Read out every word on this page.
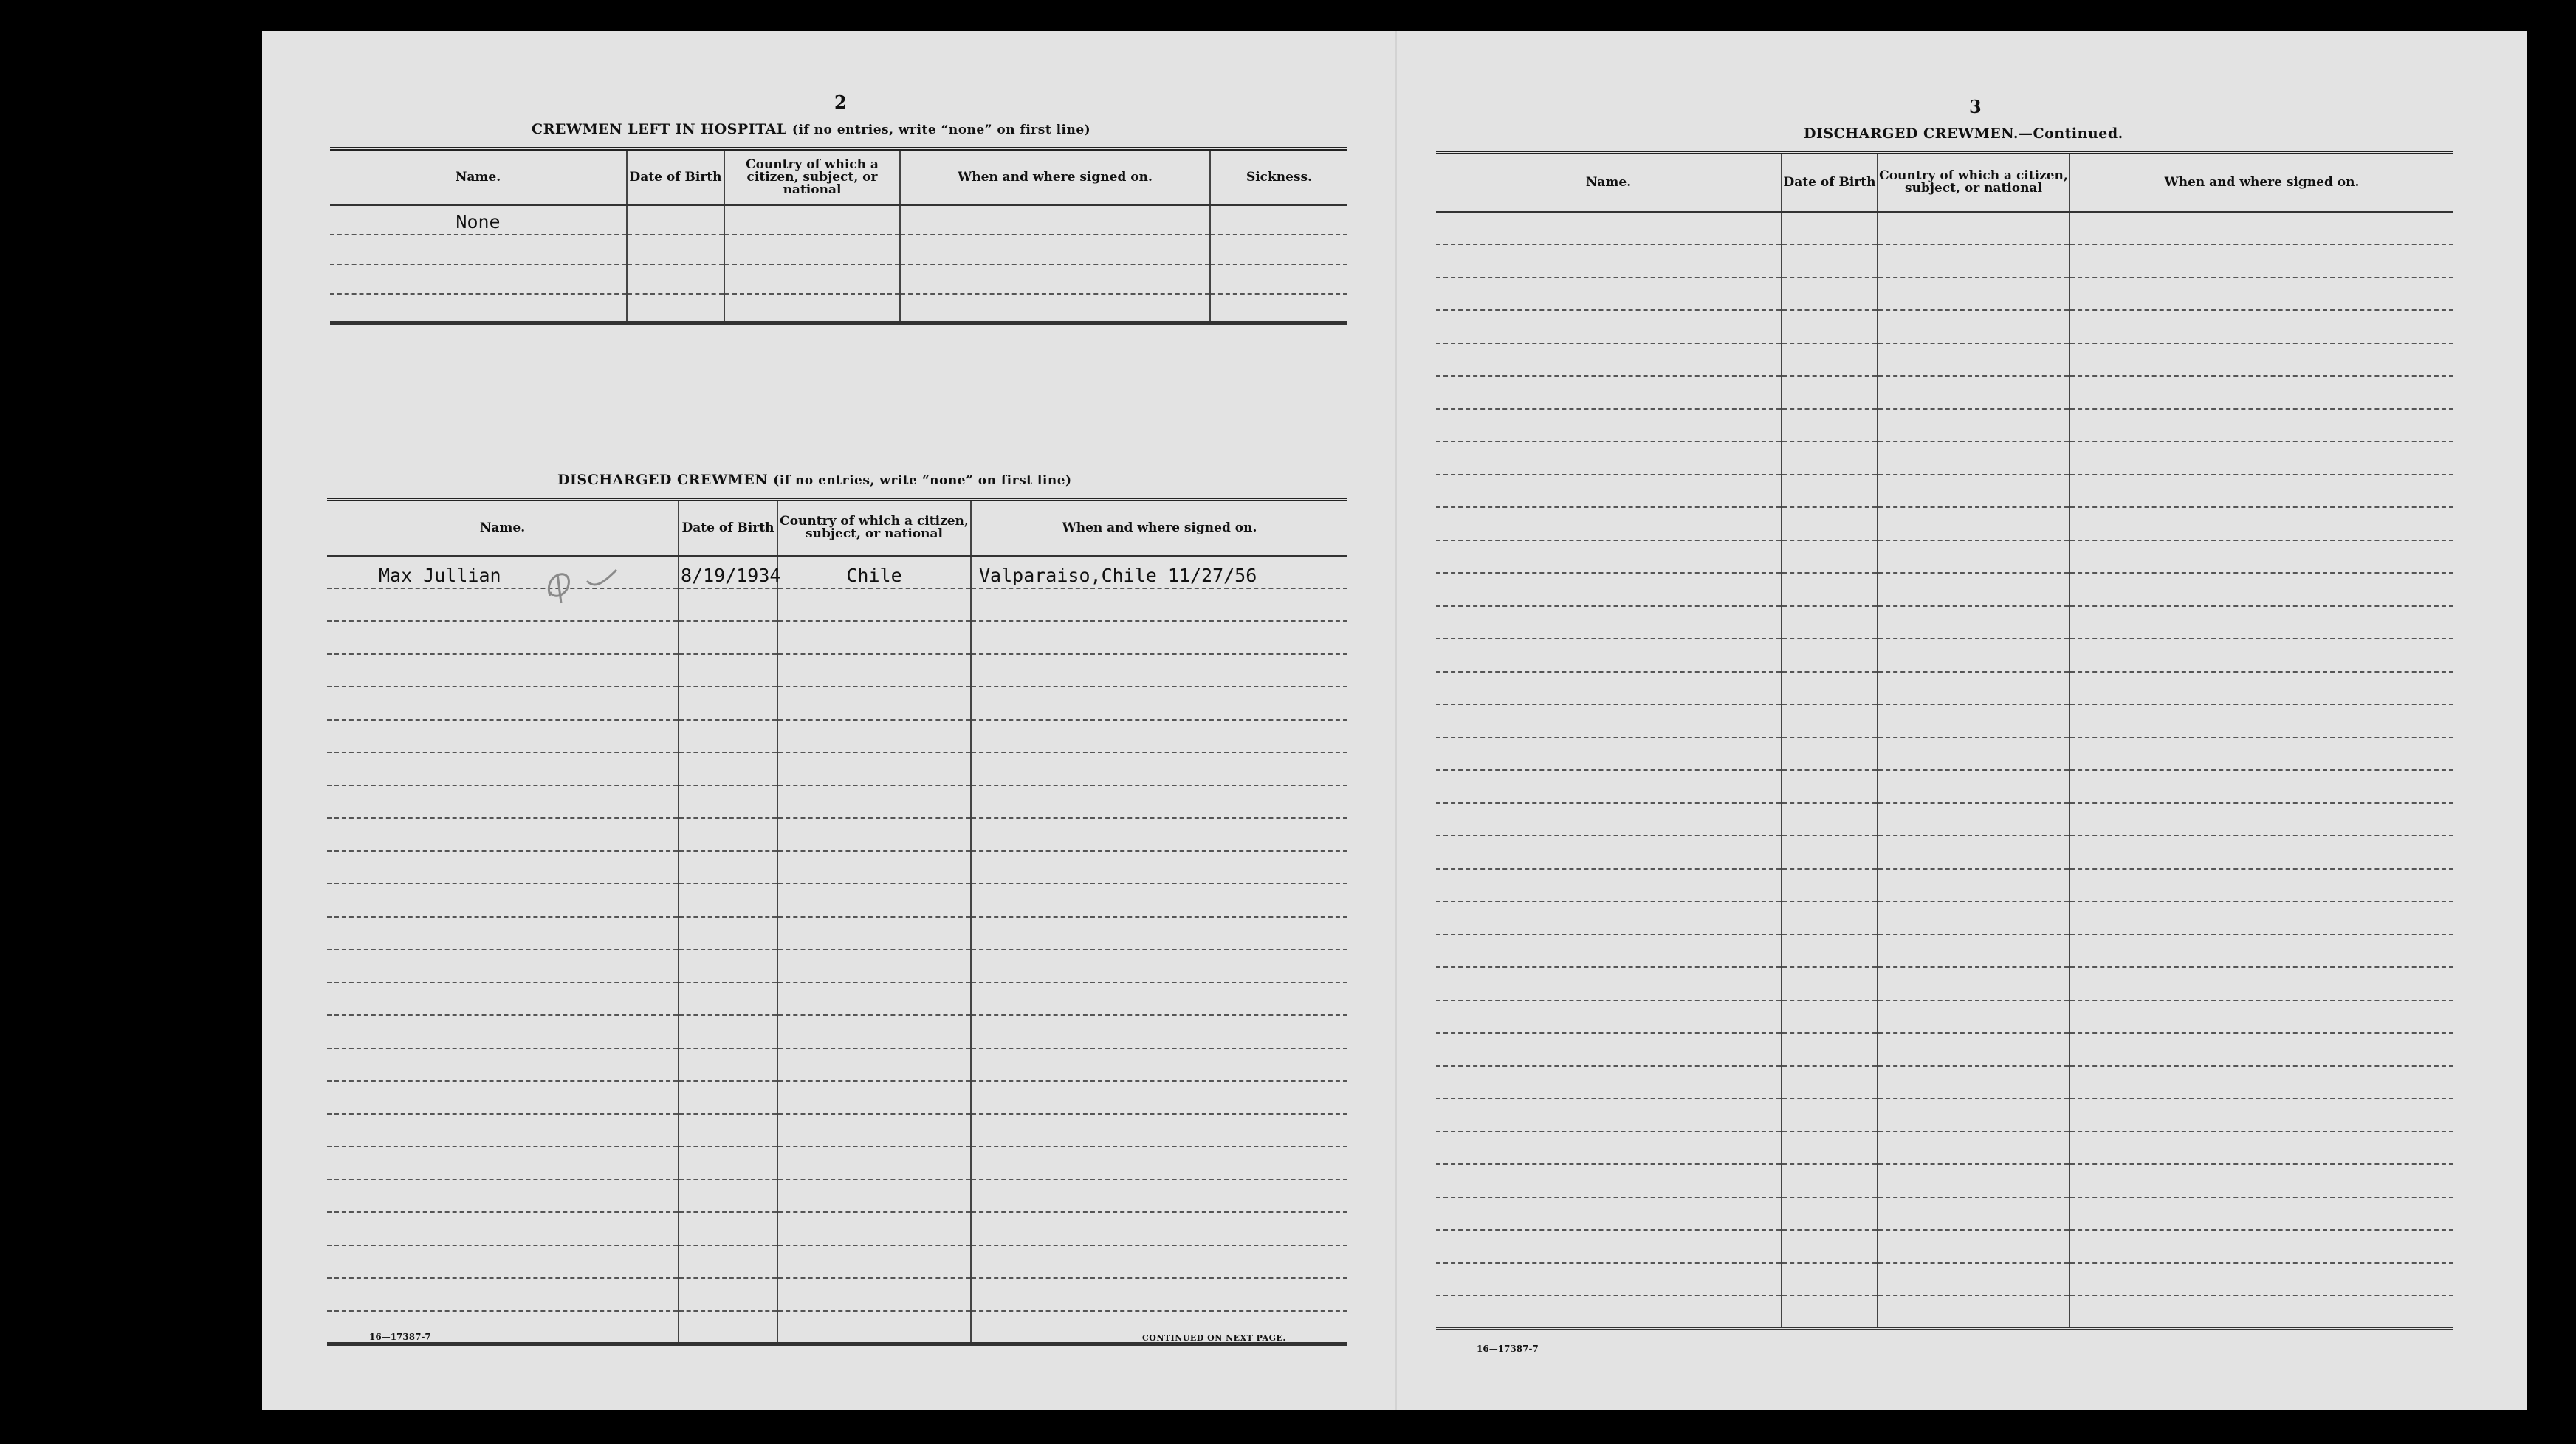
2
CREWMEN LEFT IN HOSPITAL (if no entries, write “none” on first line)
Name.	Date of Birth	Country of which a citizen, subject, or national	When and where signed on.	Sickness.
None				

DISCHARGED CREWMEN (if no entries, write “none” on first line)
Name.	Date of Birth	Country of which a citizen, subject, or national	When and where signed on.
Max Jullian	8/19/1934	Chile	Valparaiso,Chile 11/27/56

16—17387-7	CONTINUED ON NEXT PAGE.
3
DISCHARGED CREWMEN.—Continued.
Name.	Date of Birth	Country of which a citizen, subject, or national	When and where signed on.

16—17387-7
